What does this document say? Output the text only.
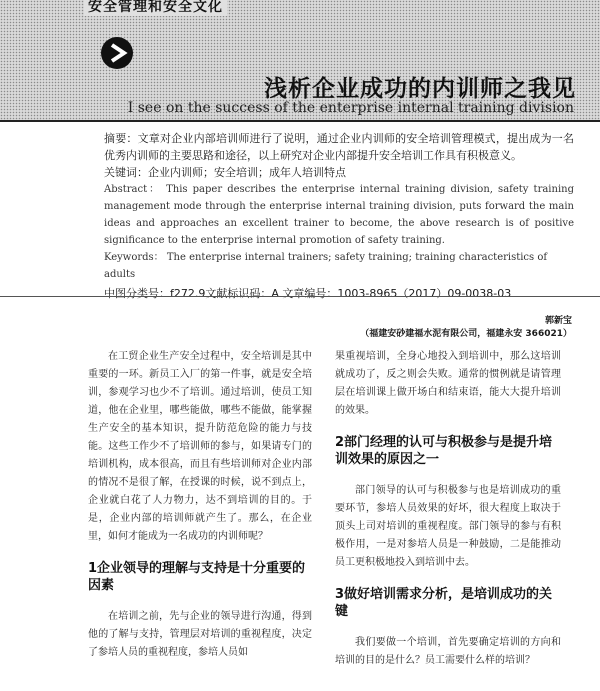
安全管理和安全文化
浅析企业成功的内训师之我见
I see on the success of the enterprise internal training division

摘要：文章对企业内部培训师进行了说明，通过企业内训师的安全培训管理模式，提出成为一名优秀内训师的主要思路和途径，以上研究对企业内部提升安全培训工作具有积极意义。

关键词：企业内训师；安全培训；成年人培训特点

Abstract： This paper describes the enterprise internal training division, safety training management mode through the enterprise internal training division, puts forward the main ideas and approaches an excellent trainer to become, the above research is of positive significance to the enterprise internal promotion of safety training.

Keywords： The enterprise internal trainers; safety training; training characteristics of adults

中图分类号：f272.9文献标识码：A 文章编号：1003-8965（2017）09-0038-03

郭新宝
（福建安砂建福水泥有限公司，福建永安 366021）

在工贸企业生产安全过程中，安全培训是其中重要的一环。新员工入厂的第一件事，就是安全培训，参观学习也少不了培训。通过培训，使员工知道，他在企业里，哪些能做，哪些不能做，能掌握生产安全的基本知识，提升防范危险的能力与技能。这些工作少不了培训师的参与，如果请专门的培训机构，成本很高，而且有些培训师对企业内部的情况不是很了解，在授课的时候，说不到点上，企业就白花了人力物力，达不到培训的目的。于是，企业内部的培训师就产生了。那么，在企业里，如何才能成为一名成功的内训师呢？

1企业领导的理解与支持是十分重要的因素

在培训之前，先与企业的领导进行沟通，得到他的了解与支持，管理层对培训的重视程度，决定了参培人员的重视程度，参培人员如

果重视培训，全身心地投入到培训中，那么这培训就成功了，反之则会失败。通常的惯例就是请管理层在培训课上做开场白和结束语，能大大提升培训的效果。

2部门经理的认可与积极参与是提升培训效果的原因之一

部门领导的认可与积极参与也是培训成功的重要环节，参培人员效果的好坏，很大程度上取决于顶头上司对培训的重视程度。部门领导的参与有积极作用，一是对参培人员是一种鼓励，二是能推动员工更积极地投入到培训中去。

3做好培训需求分析，是培训成功的关键

我们要做一个培训，首先要确定培训的方向和培训的目的是什么？员工需要什么样的培训？
